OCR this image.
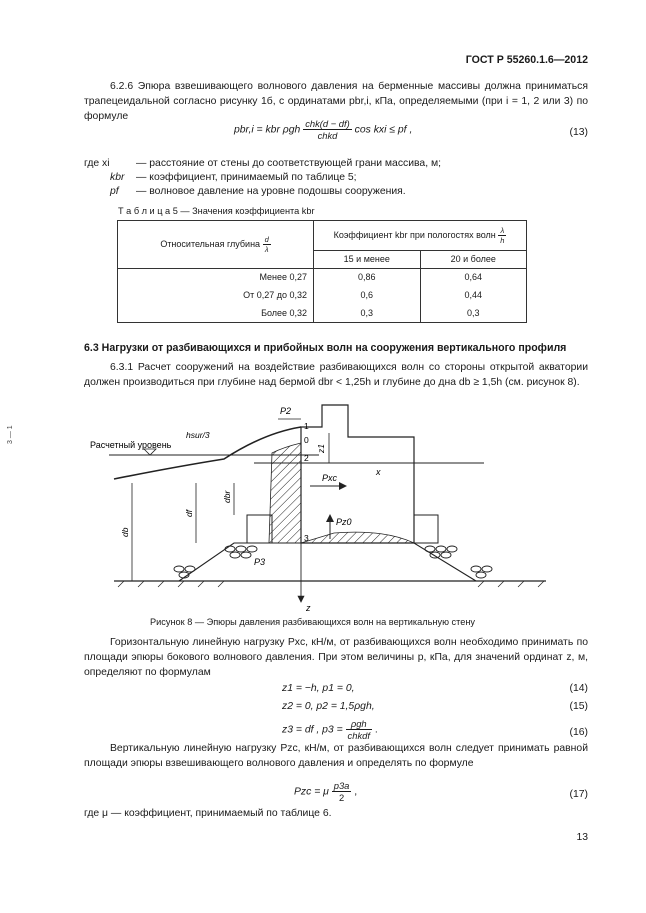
ГОСТ Р 55260.1.6—2012
6.2.6 Эпюра взвешивающего волнового давления на берменные массивы должна приниматься трапецеидальной согласно рисунку 1б, с ординатами pbr,i, кПа, определяемыми (при i = 1, 2 или 3) по формуле
pbr,i = kbr ρgh $\frac{\text{chk(d − df)}}{\text{chkd}}$ cos kxi ≤ pf ,	(13)
где xi	— расстояние от стены до соответствующей грани массива, м;
kbr — коэффициент, принимаемый по таблице 5;
pf — волновое давление на уровне подошвы сооружения.
Т а б л и ц а 5 — Значения коэффициента kbr
Относительная глубина $\frac{d}{\lambda}$	Коэффициент kbr при пологостях волн $\frac{\lambda}{h}$

	15 и менее	20 и более
Менее 0,27	0,86	0,64
От 0,27 до 0,32	0,6	0,44
Более 0,32	0,3	0,3
6.3 Нагрузки от разбивающихся и прибойных волн на сооружения вертикального профиля
6.3.1 Расчет сооружений на воздействие разбивающихся волн со стороны открытой акватории должен производиться при глубине над бермой dbr < 1,25h и глубине до дна db ≥ 1,5h (см. рисунок 8).
3 — 1
Расчетный уровень
hsur/3
P2
P3
Pxc
Pz0
1
0
2
3
x
z
z1
db
df
dbr
Рисунок 8 — Эпюры давления разбивающихся волн на вертикальную стену
Горизонтальную линейную нагрузку Pxc, кН/м, от разбивающихся волн необходимо принимать по площади эпюры бокового волнового давления. При этом величины p, кПа, для значений ординат z, м, определяют по формулам
z1 = −h, p1 = 0,	(14)
z2 = 0, p2 = 1,5ρgh,	(15)
z3 = df , $p3 = \frac{\text{ρgh}}{\text{chkdf}}$ .	(16)
Вертикальную линейную нагрузку Pzc, кН/м, от разбивающихся волн следует принимать равной площади эпюры взвешивающего волнового давления и определять по формуле
Pzc = μ $\frac{p3a}{2}$ ,	(17)
где μ — коэффициент, принимаемый по таблице 6.
13
